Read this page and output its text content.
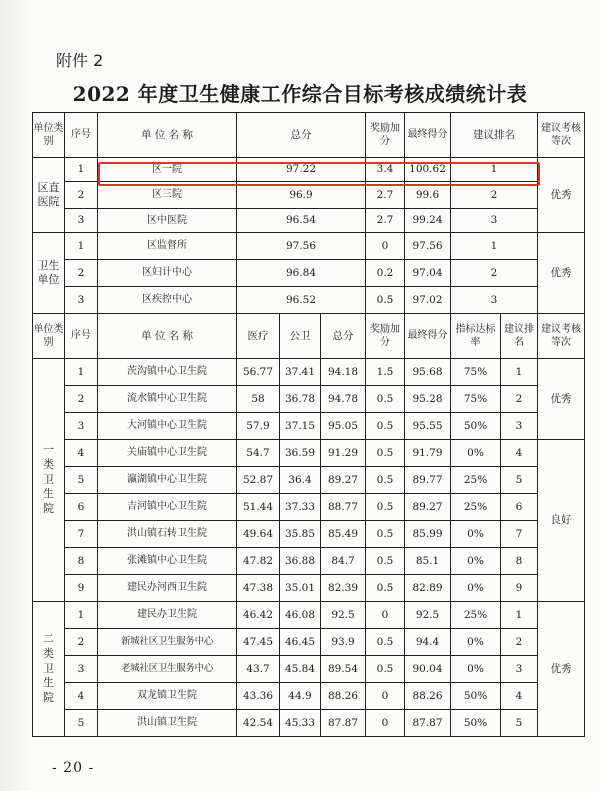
附件 2
2022 年度卫生健康工作综合目标考核成绩统计表
单位类别	序号	单 位 名 称	总分			奖励加分	最终得分	建议排名		建议考核等次
区直医院	1	区一院	97.22			3.4	100.62	1		优秀
	2	区三院	96.9			2.7	99.6	2		
	3	区中医院	96.54			2.7	99.24	3		
卫生单位	1	区监督所	97.56			0	97.56	1		优秀
	2	区妇计中心	96.84			0.2	97.04	2		
	3	区疾控中心	96.52			0.5	97.02	3		
单位类别	序号	单 位 名 称	医疗	公卫	总分	奖励加分	最终得分	指标达标率	建议排名	建议考核等次

一类卫生院	1	茨沟镇中心卫生院	56.77	37.41	94.18	1.5	95.68	75%	1	优秀
	2	流水镇中心卫生院	58	36.78	94.78	0.5	95.28	75%	2	
	3	大河镇中心卫生院	57.9	37.15	95.05	0.5	95.55	50%	3	
	4	关庙镇中心卫生院	54.7	36.59	91.29	0.5	91.79	0%	4	良好
	5	瀛湖镇中心卫生院	52.87	36.4	89.27	0.5	89.77	25%	5	
	6	吉河镇中心卫生院	51.44	37.33	88.77	0.5	89.27	25%	6	
	7	洪山镇石转卫生院	49.64	35.85	85.49	0.5	85.99	0%	7	
	8	张滩镇中心卫生院	47.82	36.88	84.7	0.5	85.1	0%	8	
	9	建民办河西卫生院	47.38	35.01	82.39	0.5	82.89	0%	9	

二类卫生院	1	建民办卫生院	46.42	46.08	92.5	0	92.5	25%	1	优秀
	2	新城社区卫生服务中心	47.45	46.45	93.9	0.5	94.4	0%	2	
	3	老城社区卫生服务中心	43.7	45.84	89.54	0.5	90.04	0%	3	
	4	双龙镇卫生院	43.36	44.9	88.26	0	88.26	50%	4	
	5	洪山镇卫生院	42.54	45.33	87.87	0	87.87	50%	5	
- 20 -
